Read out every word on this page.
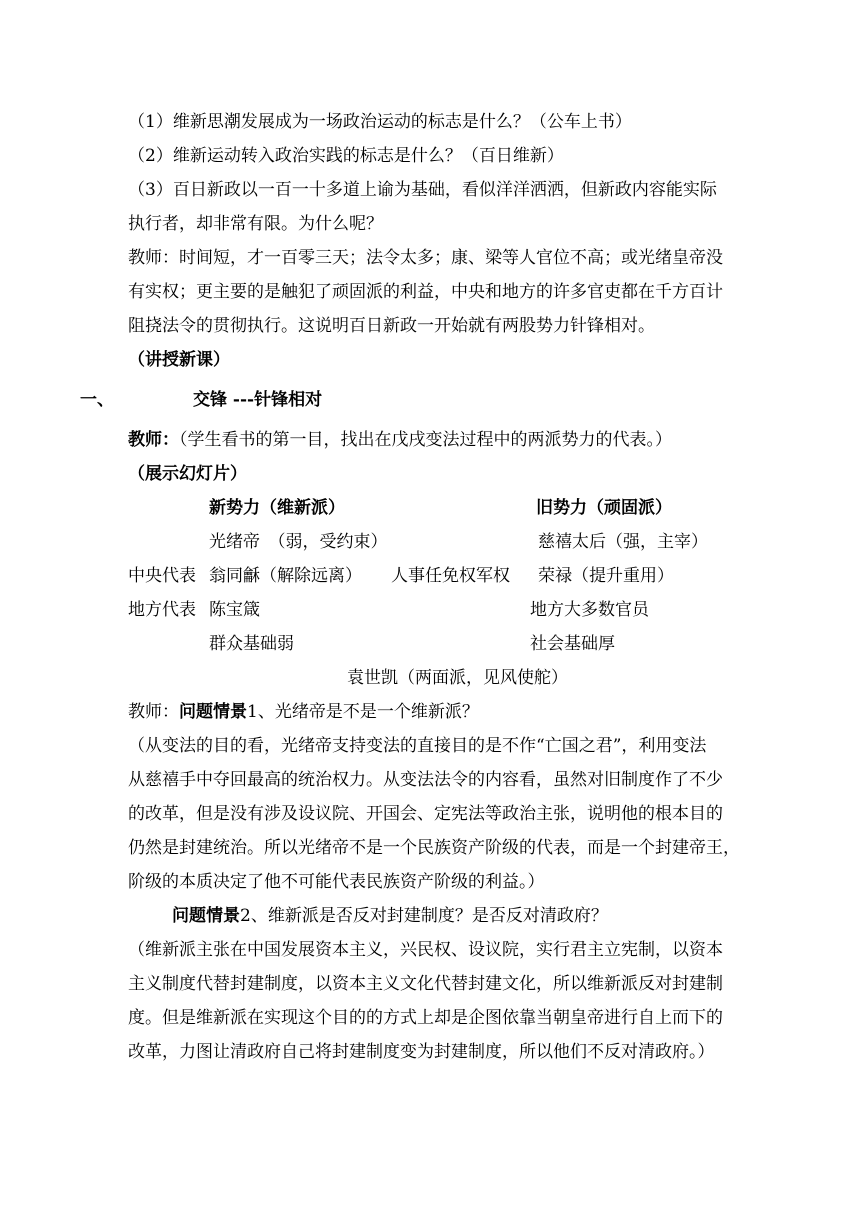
（1）维新思潮发展成为一场政治运动的标志是什么？（公车上书）
（2）维新运动转入政治实践的标志是什么？（百日维新）
（3）百日新政以一百一十多道上谕为基础，看似洋洋洒洒，但新政内容能实际
执行者，却非常有限。为什么呢？
教师：时间短，才一百零三天；法令太多；康、梁等人官位不高；或光绪皇帝没
有实权；更主要的是触犯了顽固派的利益，中央和地方的许多官吏都在千方百计
阻挠法令的贯彻执行。这说明百日新政一开始就有两股势力针锋相对。
（讲授新课）
一、	交锋 ---针锋相对
教师：（学生看书的第一目，找出在戊戌变法过程中的两派势力的代表。）
（展示幻灯片）
新势力（维新派）	旧势力（顽固派）
光绪帝　（弱，受约束）	慈禧太后（强，主宰）
中央代表 翁同龢（解除远离） 人事任免权军权 荣禄（提升重用）
地方代表 陈宝箴	地方大多数官员
群众基础弱	社会基础厚
袁世凯（两面派，见风使舵）
教师：问题情景1、光绪帝是不是一个维新派？
（从变法的目的看，光绪帝支持变法的直接目的是不作“亡国之君”，利用变法
从慈禧手中夺回最高的统治权力。从变法法令的内容看，虽然对旧制度作了不少
的改革，但是没有涉及设议院、开国会、定宪法等政治主张，说明他的根本目的
仍然是封建统治。所以光绪帝不是一个民族资产阶级的代表，而是一个封建帝王，
阶级的本质决定了他不可能代表民族资产阶级的利益。）
问题情景2、维新派是否反对封建制度？是否反对清政府？
（维新派主张在中国发展资本主义，兴民权、设议院，实行君主立宪制，以资本
主义制度代替封建制度，以资本主义文化代替封建文化，所以维新派反对封建制
度。但是维新派在实现这个目的的方式上却是企图依靠当朝皇帝进行自上而下的
改革，力图让清政府自己将封建制度变为封建制度，所以他们不反对清政府。）
